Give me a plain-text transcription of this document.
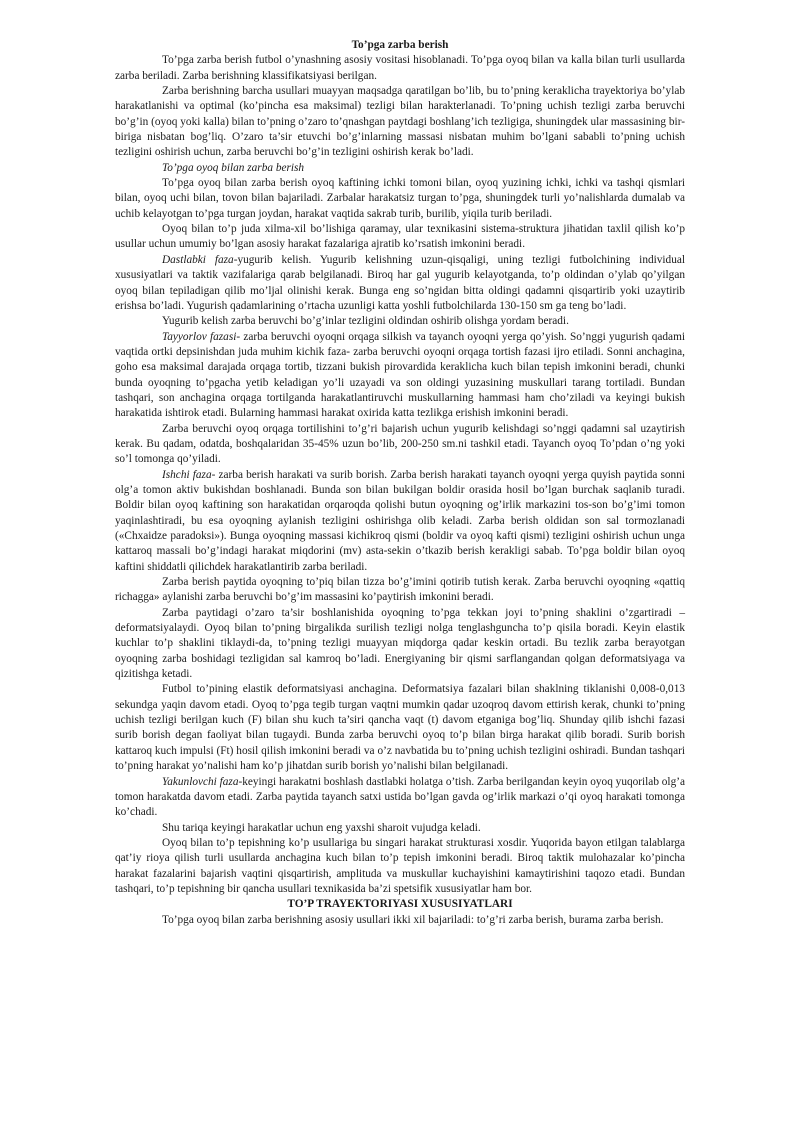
To’pga zarba berish

To’pga zarba berish futbol o’ynashning asosiy vositasi hisoblanadi. To’pga oyoq bilan va kalla bilan turli usullarda zarba beriladi. Zarba berishning klassifikatsiyasi berilgan.

Zarba berishning barcha usullari muayyan maqsadga qaratilgan bo’lib, bu to’pning keraklicha trayektoriya bo’ylab harakatlanishi va optimal (ko’pincha esa maksimal) tezligi bilan harakterlanadi. To’pning uchish tezligi zarba beruvchi bo’g’in (oyoq yoki kalla) bilan to’pning o’zaro to’qnashgan paytdagi boshlang’ich tezligiga, shuningdek ular massasining bir-biriga nisbatan bog’liq. O’zaro ta’sir etuvchi bo’g’inlarning massasi nisbatan muhim bo’lgani sababli to’pning uchish tezligini oshirish uchun, zarba beruvchi bo’g’in tezligini oshirish kerak bo’ladi.

To’pga oyoq bilan zarba berish

To’pga oyoq bilan zarba berish oyoq kaftining ichki tomoni bilan, oyoq yuzining ichki, ichki va tashqi qismlari bilan, oyoq uchi bilan, tovon bilan bajariladi. Zarbalar harakatsiz turgan to’pga, shuningdek turli yo’nalishlarda dumalab va uchib kelayotgan to’pga turgan joydan, harakat vaqtida sakrab turib, burilib, yiqila turib beriladi.

Oyoq bilan to’p juda xilma-xil bo’lishiga qaramay, ular texnikasini sistema-struktura jihatidan taxlil qilish ko’p usullar uchun umumiy bo’lgan asosiy harakat fazalariga ajratib ko’rsatish imkonini beradi.

Dastlabki faza-yugurib kelish. Yugurib kelishning uzun-qisqaligi, uning tezligi futbolchining individual xususiyatlari va taktik vazifalariga qarab belgilanadi. Biroq har gal yugurib kelayotganda, to’p oldindan o’ylab qo’yilgan oyoq bilan tepiladigan qilib mo’ljal olinishi kerak. Bunga eng so’ngidan bitta oldingi qadamni qisqartirib yoki uzaytirib erishsa bo’ladi. Yugurish qadamlarining o’rtacha uzunligi katta yoshli futbolchilarda 130-150 sm ga teng bo’ladi.

Yugurib kelish zarba beruvchi bo’g’inlar tezligini oldindan oshirib olishga yordam beradi.

Tayyorlov fazasi- zarba beruvchi oyoqni orqaga silkish va tayanch oyoqni yerga qo’yish. So’nggi yugurish qadami vaqtida ortki depsinishdan juda muhim kichik faza- zarba beruvchi oyoqni orqaga tortish fazasi ijro etiladi. Sonni anchagina, goho esa maksimal darajada orqaga tortib, tizzani bukish pirovardida keraklicha kuch bilan tepish imkonini beradi, chunki bunda oyoqning to’pgacha yetib keladigan yo’li uzayadi va son oldingi yuzasining muskullari tarang tortiladi. Bundan tashqari, son anchagina orqaga tortilganda harakatlantiruvchi muskullarning hammasi ham cho’ziladi va keyingi bukish harakatida ishtirok etadi. Bularning hammasi harakat oxirida katta tezlikga erishish imkonini beradi.

Zarba beruvchi oyoq orqaga tortilishini to’g’ri bajarish uchun yugurib kelishdagi so’nggi qadamni sal uzaytirish kerak. Bu qadam, odatda, boshqalaridan 35-45% uzun bo’lib, 200-250 sm.ni tashkil etadi. Tayanch oyoq To’pdan o’ng yoki so’l tomonga qo’yiladi.

Ishchi faza- zarba berish harakati va surib borish. Zarba berish harakati tayanch oyoqni yerga quyish paytida sonni olg’a tomon aktiv bukishdan boshlanadi. Bunda son bilan bukilgan boldir orasida hosil bo’lgan burchak saqlanib turadi. Boldir bilan oyoq kaftining son harakatidan orqaroqda qolishi butun oyoqning og’irlik markazini tos-son bo’g’imi tomon yaqinlashtiradi, bu esa oyoqning aylanish tezligini oshirishga olib keladi. Zarba berish oldidan son sal tormozlanadi («Chxaidze paradoksi»). Bunga oyoqning massasi kichikroq qismi (boldir va oyoq kafti qismi) tezligini oshirish uchun unga kattaroq massali bo’g’indagi harakat miqdorini (mv) asta-sekin o’tkazib berish kerakligi sabab. To’pga boldir bilan oyoq kaftini shiddatli qilichdek harakatlantirib zarba beriladi.

Zarba berish paytida oyoqning to’piq bilan tizza bo’g’imini qotirib tutish kerak. Zarba beruvchi oyoqning «qattiq richagga» aylanishi zarba beruvchi bo’g’im massasini ko’paytirish imkonini beradi.

Zarba paytidagi o’zaro ta’sir boshlanishida oyoqning to’pga tekkan joyi to’pning shaklini o’zgartiradi – deformatsiyalaydi. Oyoq bilan to’pning birgalikda surilish tezligi nolga tenglashguncha to’p qisila boradi. Keyin elastik kuchlar to’p shaklini tiklaydi-da, to’pning tezligi muayyan miqdorga qadar keskin ortadi. Bu tezlik zarba berayotgan oyoqning zarba boshidagi tezligidan sal kamroq bo’ladi. Energiyaning bir qismi sarflangandan qolgan deformatsiyaga va qizitishga ketadi.

Futbol to’pining elastik deformatsiyasi anchagina. Deformatsiya fazalari bilan shaklning tiklanishi 0,008-0,013 sekundga yaqin davom etadi. Oyoq to’pga tegib turgan vaqtni mumkin qadar uzoqroq davom ettirish kerak, chunki to’pning uchish tezligi berilgan kuch (F) bilan shu kuch ta’siri qancha vaqt (t) davom etganiga bog’liq. Shunday qilib ishchi fazasi surib borish degan faoliyat bilan tugaydi. Bunda zarba beruvchi oyoq to’p bilan birga harakat qilib boradi. Surib borish kattaroq kuch impulsi (Ft) hosil qilish imkonini beradi va o’z navbatida bu to’pning uchish tezligini oshiradi. Bundan tashqari to’pning harakat yo’nalishi ham ko’p jihatdan surib borish yo’nalishi bilan belgilanadi.

Yakunlovchi faza-keyingi harakatni boshlash dastlabki holatga o’tish. Zarba berilgandan keyin oyoq yuqorilab olg’a tomon harakatda davom etadi. Zarba paytida tayanch satxi ustida bo’lgan gavda og’irlik markazi o’qi oyoq harakati tomonga ko’chadi.

Shu tariqa keyingi harakatlar uchun eng yaxshi sharoit vujudga keladi.

Oyoq bilan to’p tepishning ko’p usullariga bu singari harakat strukturasi xosdir. Yuqorida bayon etilgan talablarga qat’iy rioya qilish turli usullarda anchagina kuch bilan to’p tepish imkonini beradi. Biroq taktik mulohazalar ko’pincha harakat fazalarini bajarish vaqtini qisqartirish, amplituda va muskullar kuchayishini kamaytirishini taqozo etadi. Bundan tashqari, to’p tepishning bir qancha usullari texnikasida ba’zi spetsifik xususiyatlar ham bor.

TO’P TRAYEKTORIYASI XUSUSIYATLARI

To’pga oyoq bilan zarba berishning asosiy usullari ikki xil bajariladi: to’g’ri zarba berish, burama zarba berish.
